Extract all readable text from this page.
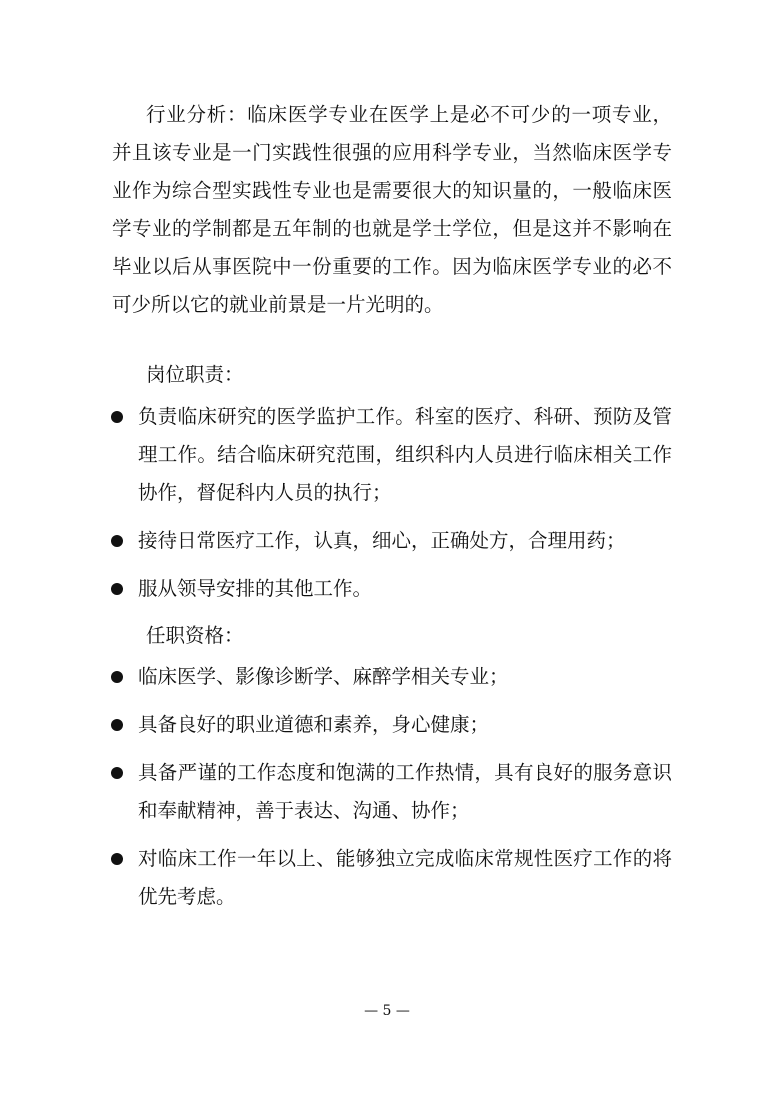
行业分析：临床医学专业在医学上是必不可少的一项专业，并且该专业是一门实践性很强的应用科学专业，当然临床医学专业作为综合型实践性专业也是需要很大的知识量的，一般临床医学专业的学制都是五年制的也就是学士学位，但是这并不影响在毕业以后从事医院中一份重要的工作。因为临床医学专业的必不可少所以它的就业前景是一片光明的。

岗位职责：

负责临床研究的医学监护工作。科室的医疗、科研、预防及管理工作。结合临床研究范围，组织科内人员进行临床相关工作协作，督促科内人员的执行；
接待日常医疗工作，认真，细心，正确处方，合理用药；
服从领导安排的其他工作。

任职资格：

临床医学、影像诊断学、麻醉学相关专业；
具备良好的职业道德和素养，身心健康；
具备严谨的工作态度和饱满的工作热情，具有良好的服务意识和奉献精神，善于表达、沟通、协作；
对临床工作一年以上、能够独立完成临床常规性医疗工作的将优先考虑。
— 5 —
